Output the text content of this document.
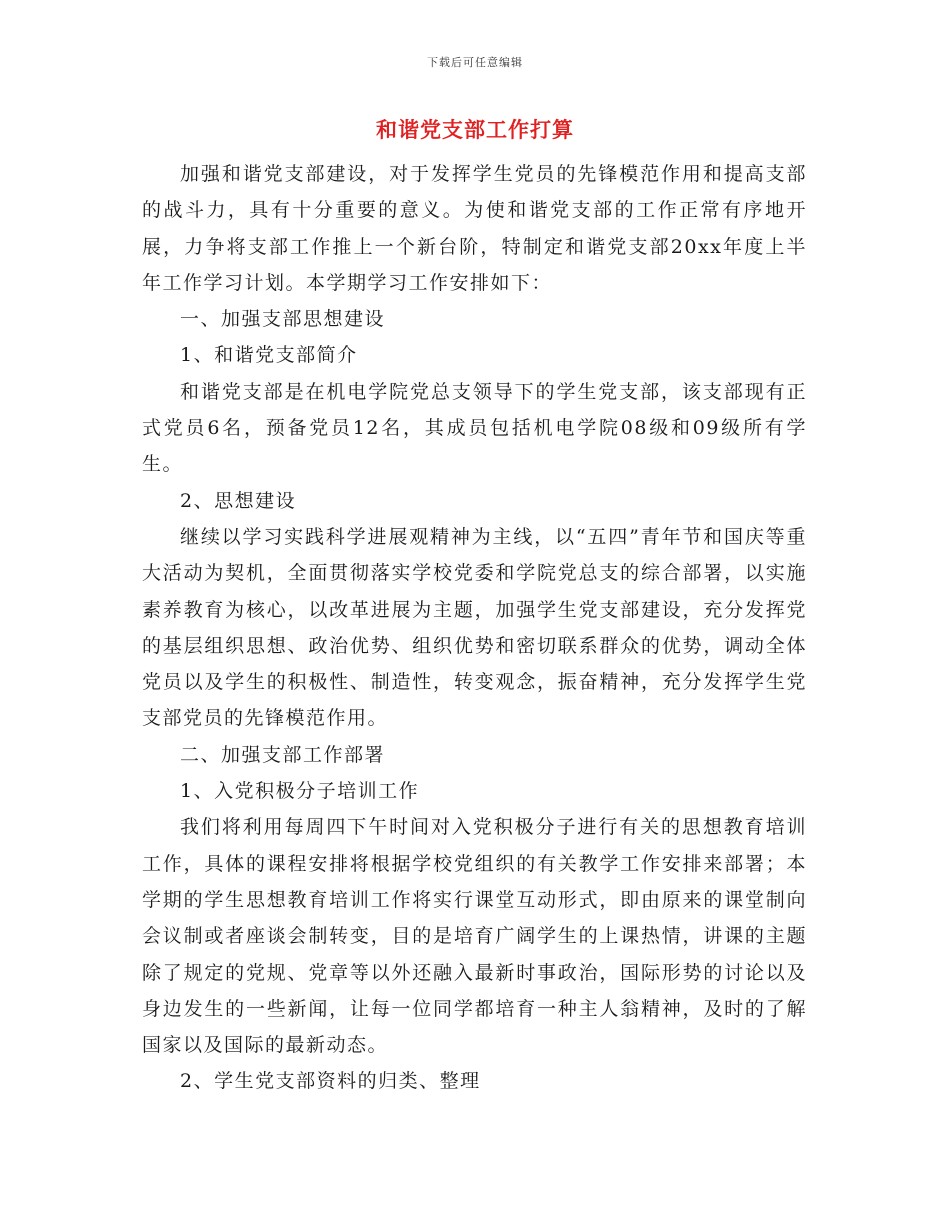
下载后可任意编辑
和谐党支部工作打算

加强和谐党支部建设，对于发挥学生党员的先锋模范作用和提高支部的战斗力，具有十分重要的意义。为使和谐党支部的工作正常有序地开展，力争将支部工作推上一个新台阶，特制定和谐党支部20xx年度上半年工作学习计划。本学期学习工作安排如下：

一、加强支部思想建设

1、和谐党支部简介

和谐党支部是在机电学院党总支领导下的学生党支部，该支部现有正式党员6名，预备党员12名，其成员包括机电学院08级和09级所有学生。

2、思想建设

继续以学习实践科学进展观精神为主线，以“五四”青年节和国庆等重大活动为契机，全面贯彻落实学校党委和学院党总支的综合部署，以实施素养教育为核心，以改革进展为主题，加强学生党支部建设，充分发挥党的基层组织思想、政治优势、组织优势和密切联系群众的优势，调动全体党员以及学生的积极性、制造性，转变观念，振奋精神，充分发挥学生党支部党员的先锋模范作用。

二、加强支部工作部署

1、入党积极分子培训工作

我们将利用每周四下午时间对入党积极分子进行有关的思想教育培训工作，具体的课程安排将根据学校党组织的有关教学工作安排来部署；本学期的学生思想教育培训工作将实行课堂互动形式，即由原来的课堂制向会议制或者座谈会制转变，目的是培育广阔学生的上课热情，讲课的主题除了规定的党规、党章等以外还融入最新时事政治，国际形势的讨论以及身边发生的一些新闻，让每一位同学都培育一种主人翁精神，及时的了解国家以及国际的最新动态。

2、学生党支部资料的归类、整理
